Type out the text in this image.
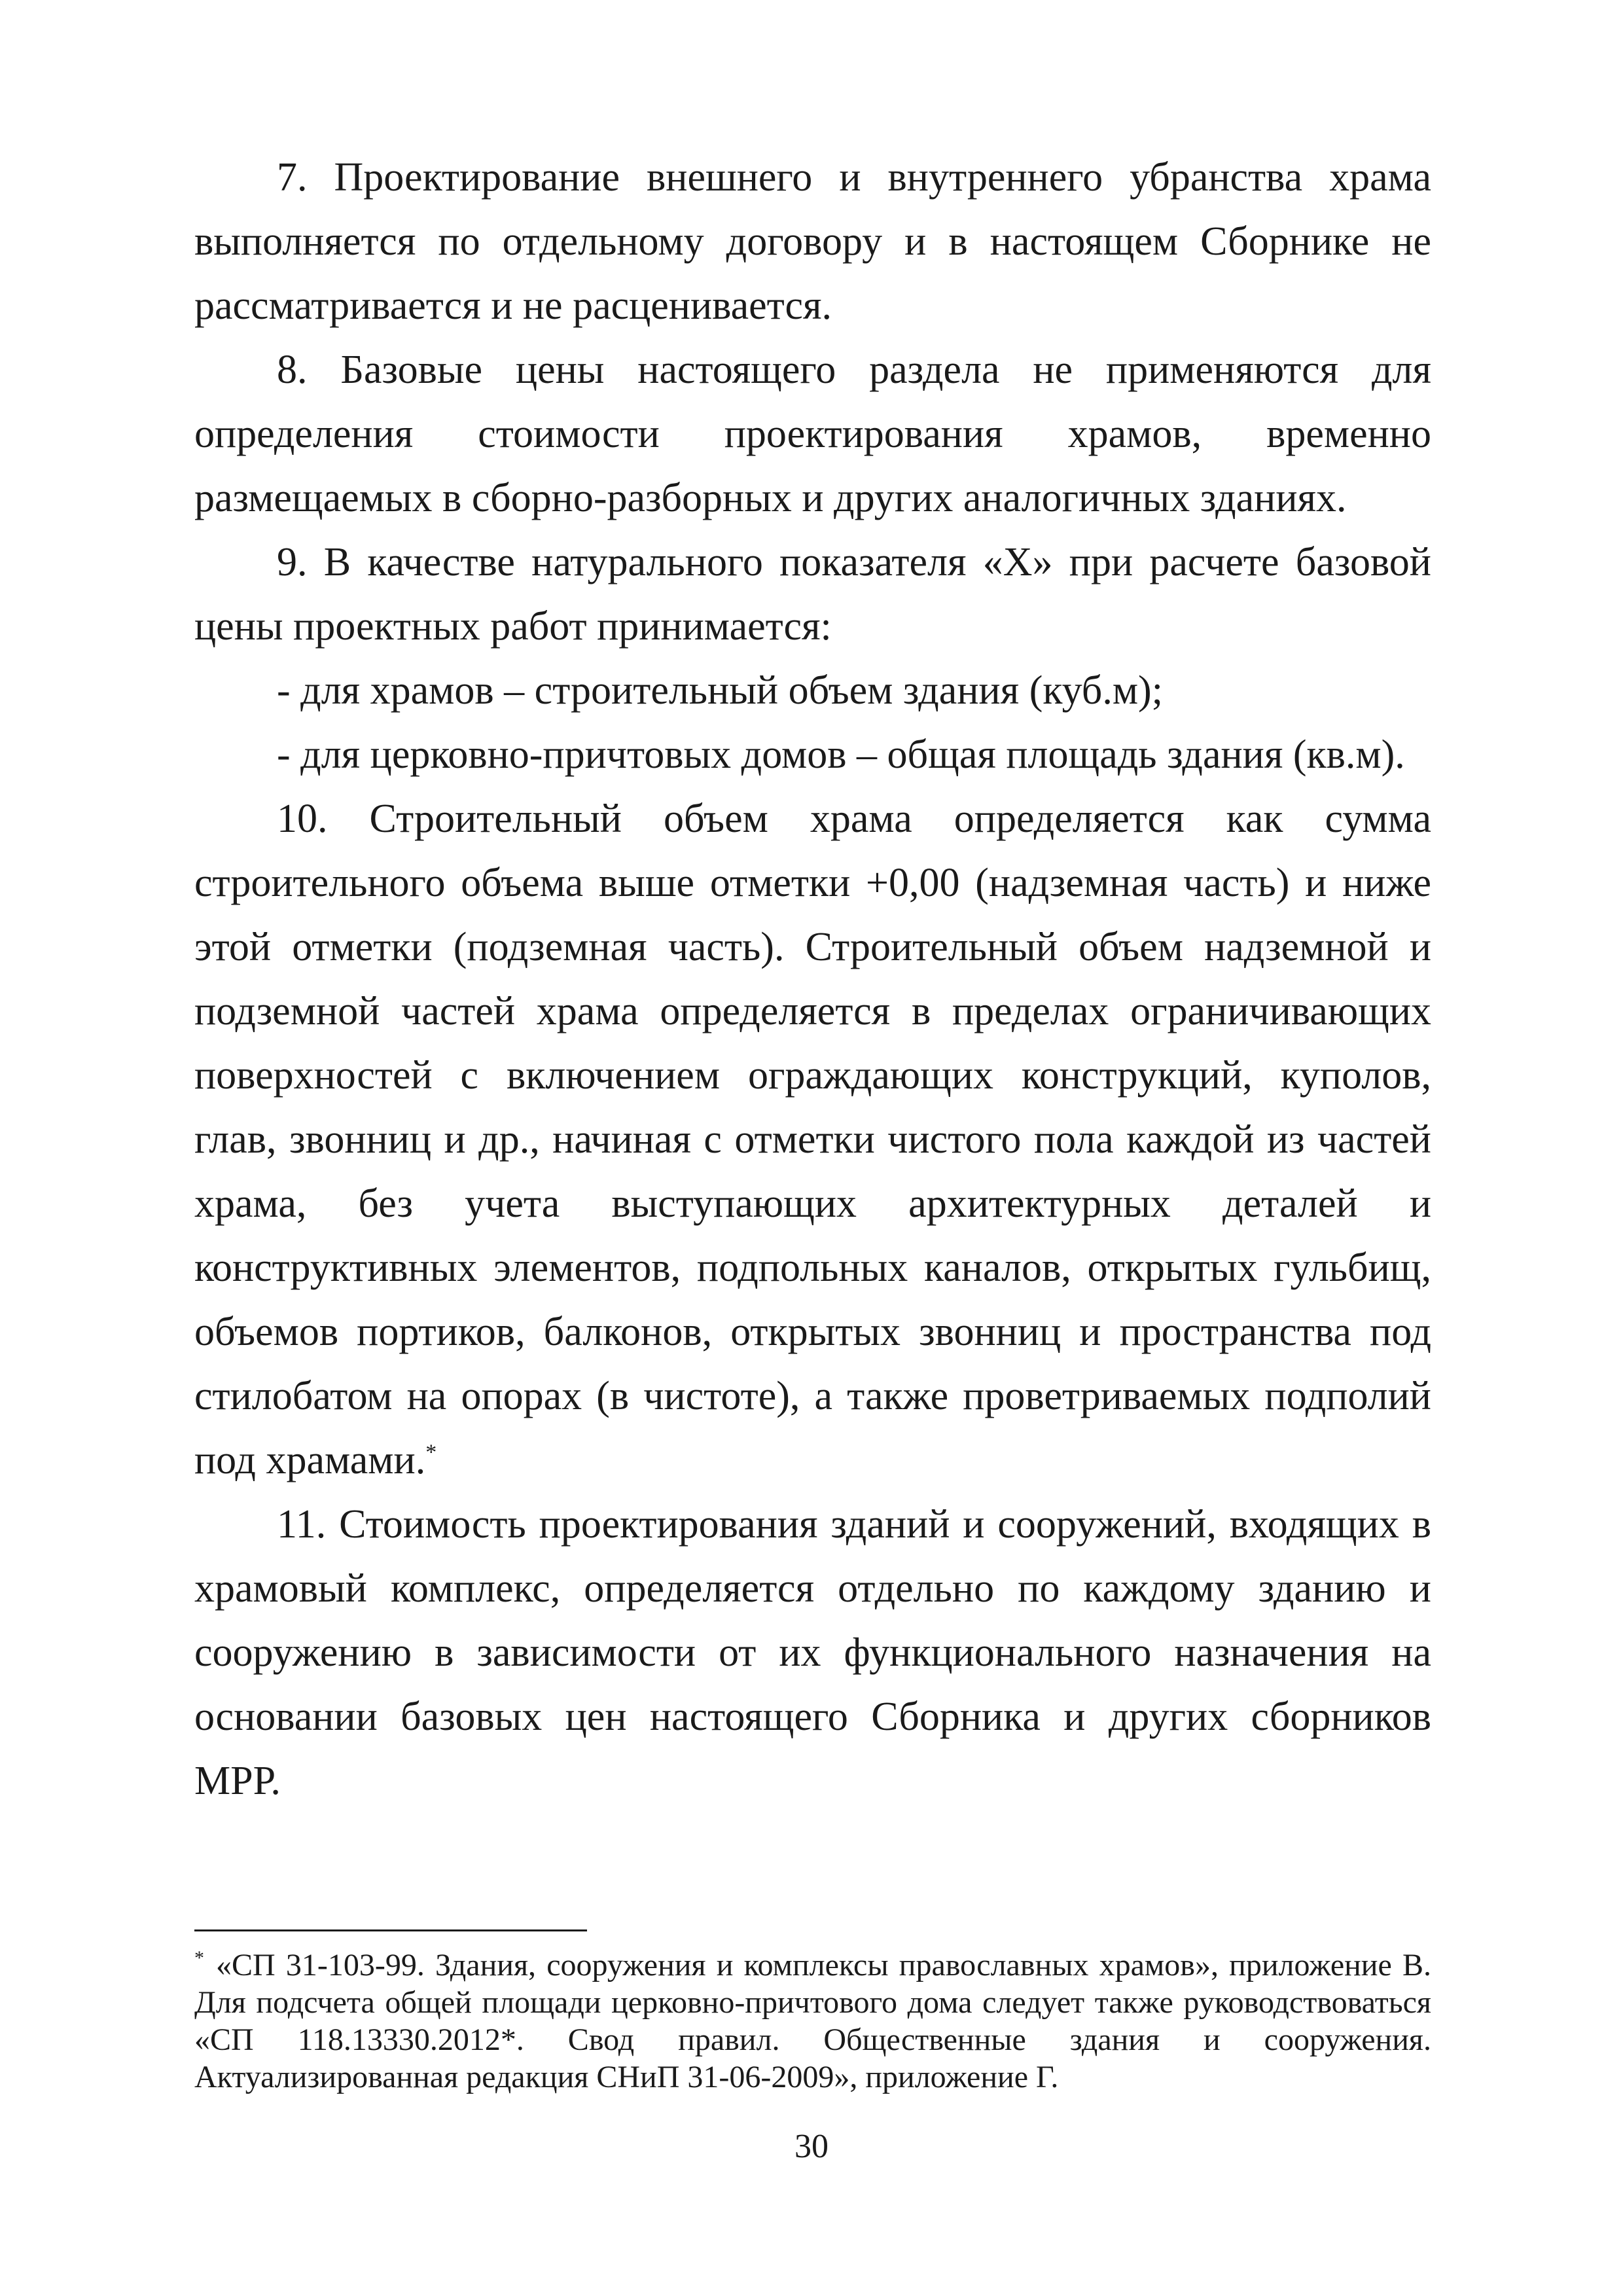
7. Проектирование внешнего и внутреннего убранства храма выполняется по отдельному договору и в настоящем Сборнике не рассматривается и не расценивается.

8. Базовые цены настоящего раздела не применяются для определения стоимости проектирования храмов, временно размещаемых в сборно-разборных и других аналогичных зданиях.

9. В качестве натурального показателя «Х» при расчете базовой цены проектных работ принимается:

- для храмов – строительный объем здания (куб.м);

- для церковно-причтовых домов – общая площадь здания (кв.м).

10. Строительный объем храма определяется как сумма строительного объема выше отметки +0,00 (надземная часть) и ниже этой отметки (подземная часть). Строительный объем надземной и подземной частей храма определяется в пределах ограничивающих поверхностей с включением ограждающих конструкций, куполов, глав, звонниц и др., начиная с отметки чистого пола каждой из частей храма, без учета выступающих архитектурных деталей и конструктивных элементов, подпольных каналов, открытых гульбищ, объемов портиков, балконов, открытых звонниц и пространства под стилобатом на опорах (в чистоте), а также проветриваемых подполий под храмами.*

11. Стоимость проектирования зданий и сооружений, входящих в храмовый комплекс, определяется отдельно по каждому зданию и сооружению в зависимости от их функционального назначения на основании базовых цен настоящего Сборника и других сборников МРР.

* «СП 31-103-99. Здания, сооружения и комплексы православных храмов», приложение В. Для подсчета общей площади церковно-причтового дома следует также руководствоваться «СП 118.13330.2012*. Свод правил. Общественные здания и сооружения. Актуализированная редакция СНиП 31-06-2009», приложение Г.

30
